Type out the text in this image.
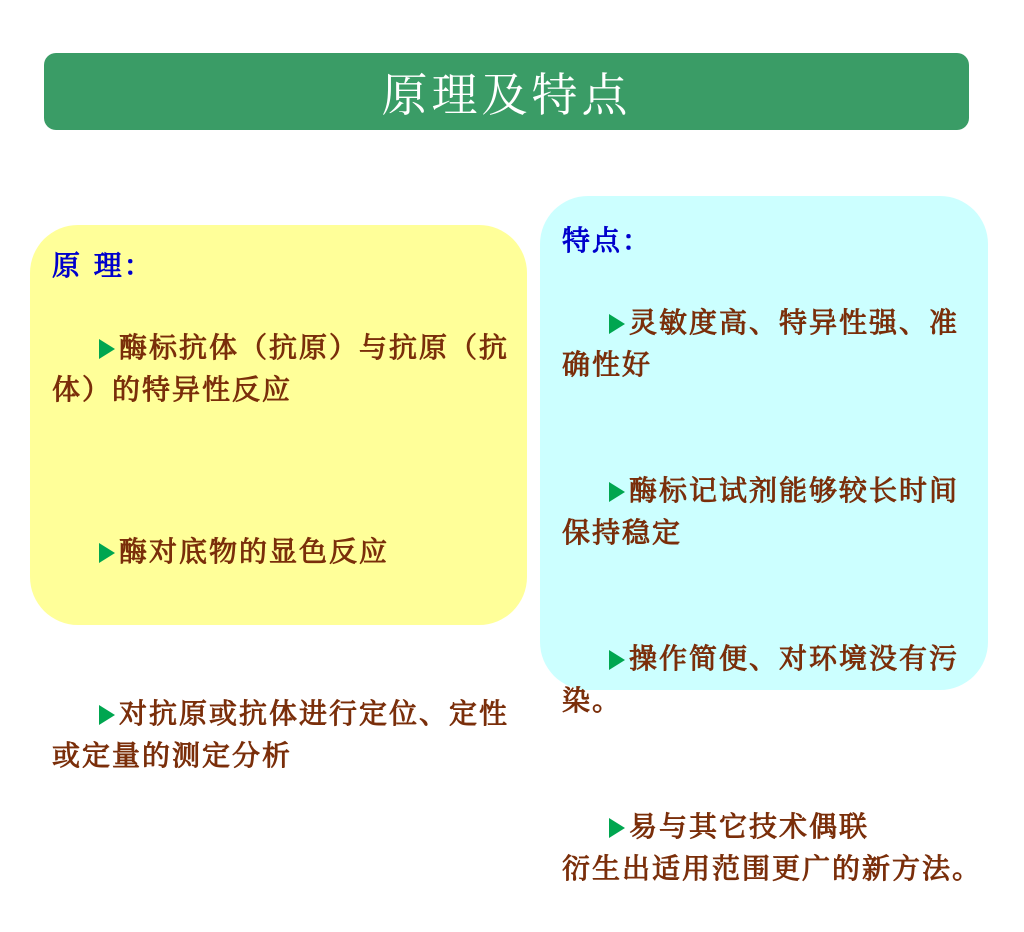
原理及特点
原 理：

酶标抗体（抗原）与抗原（抗体）的特异性反应

酶对底物的显色反应

对抗原或抗体进行定位、定性或定量的测定分析

特点：

灵敏度高、特异性强、准确性好

酶标记试剂能够较长时间保持稳定

操作简便、对环境没有污染。

易与其它技术偶联
衍生出适用范围更广的新方法。
